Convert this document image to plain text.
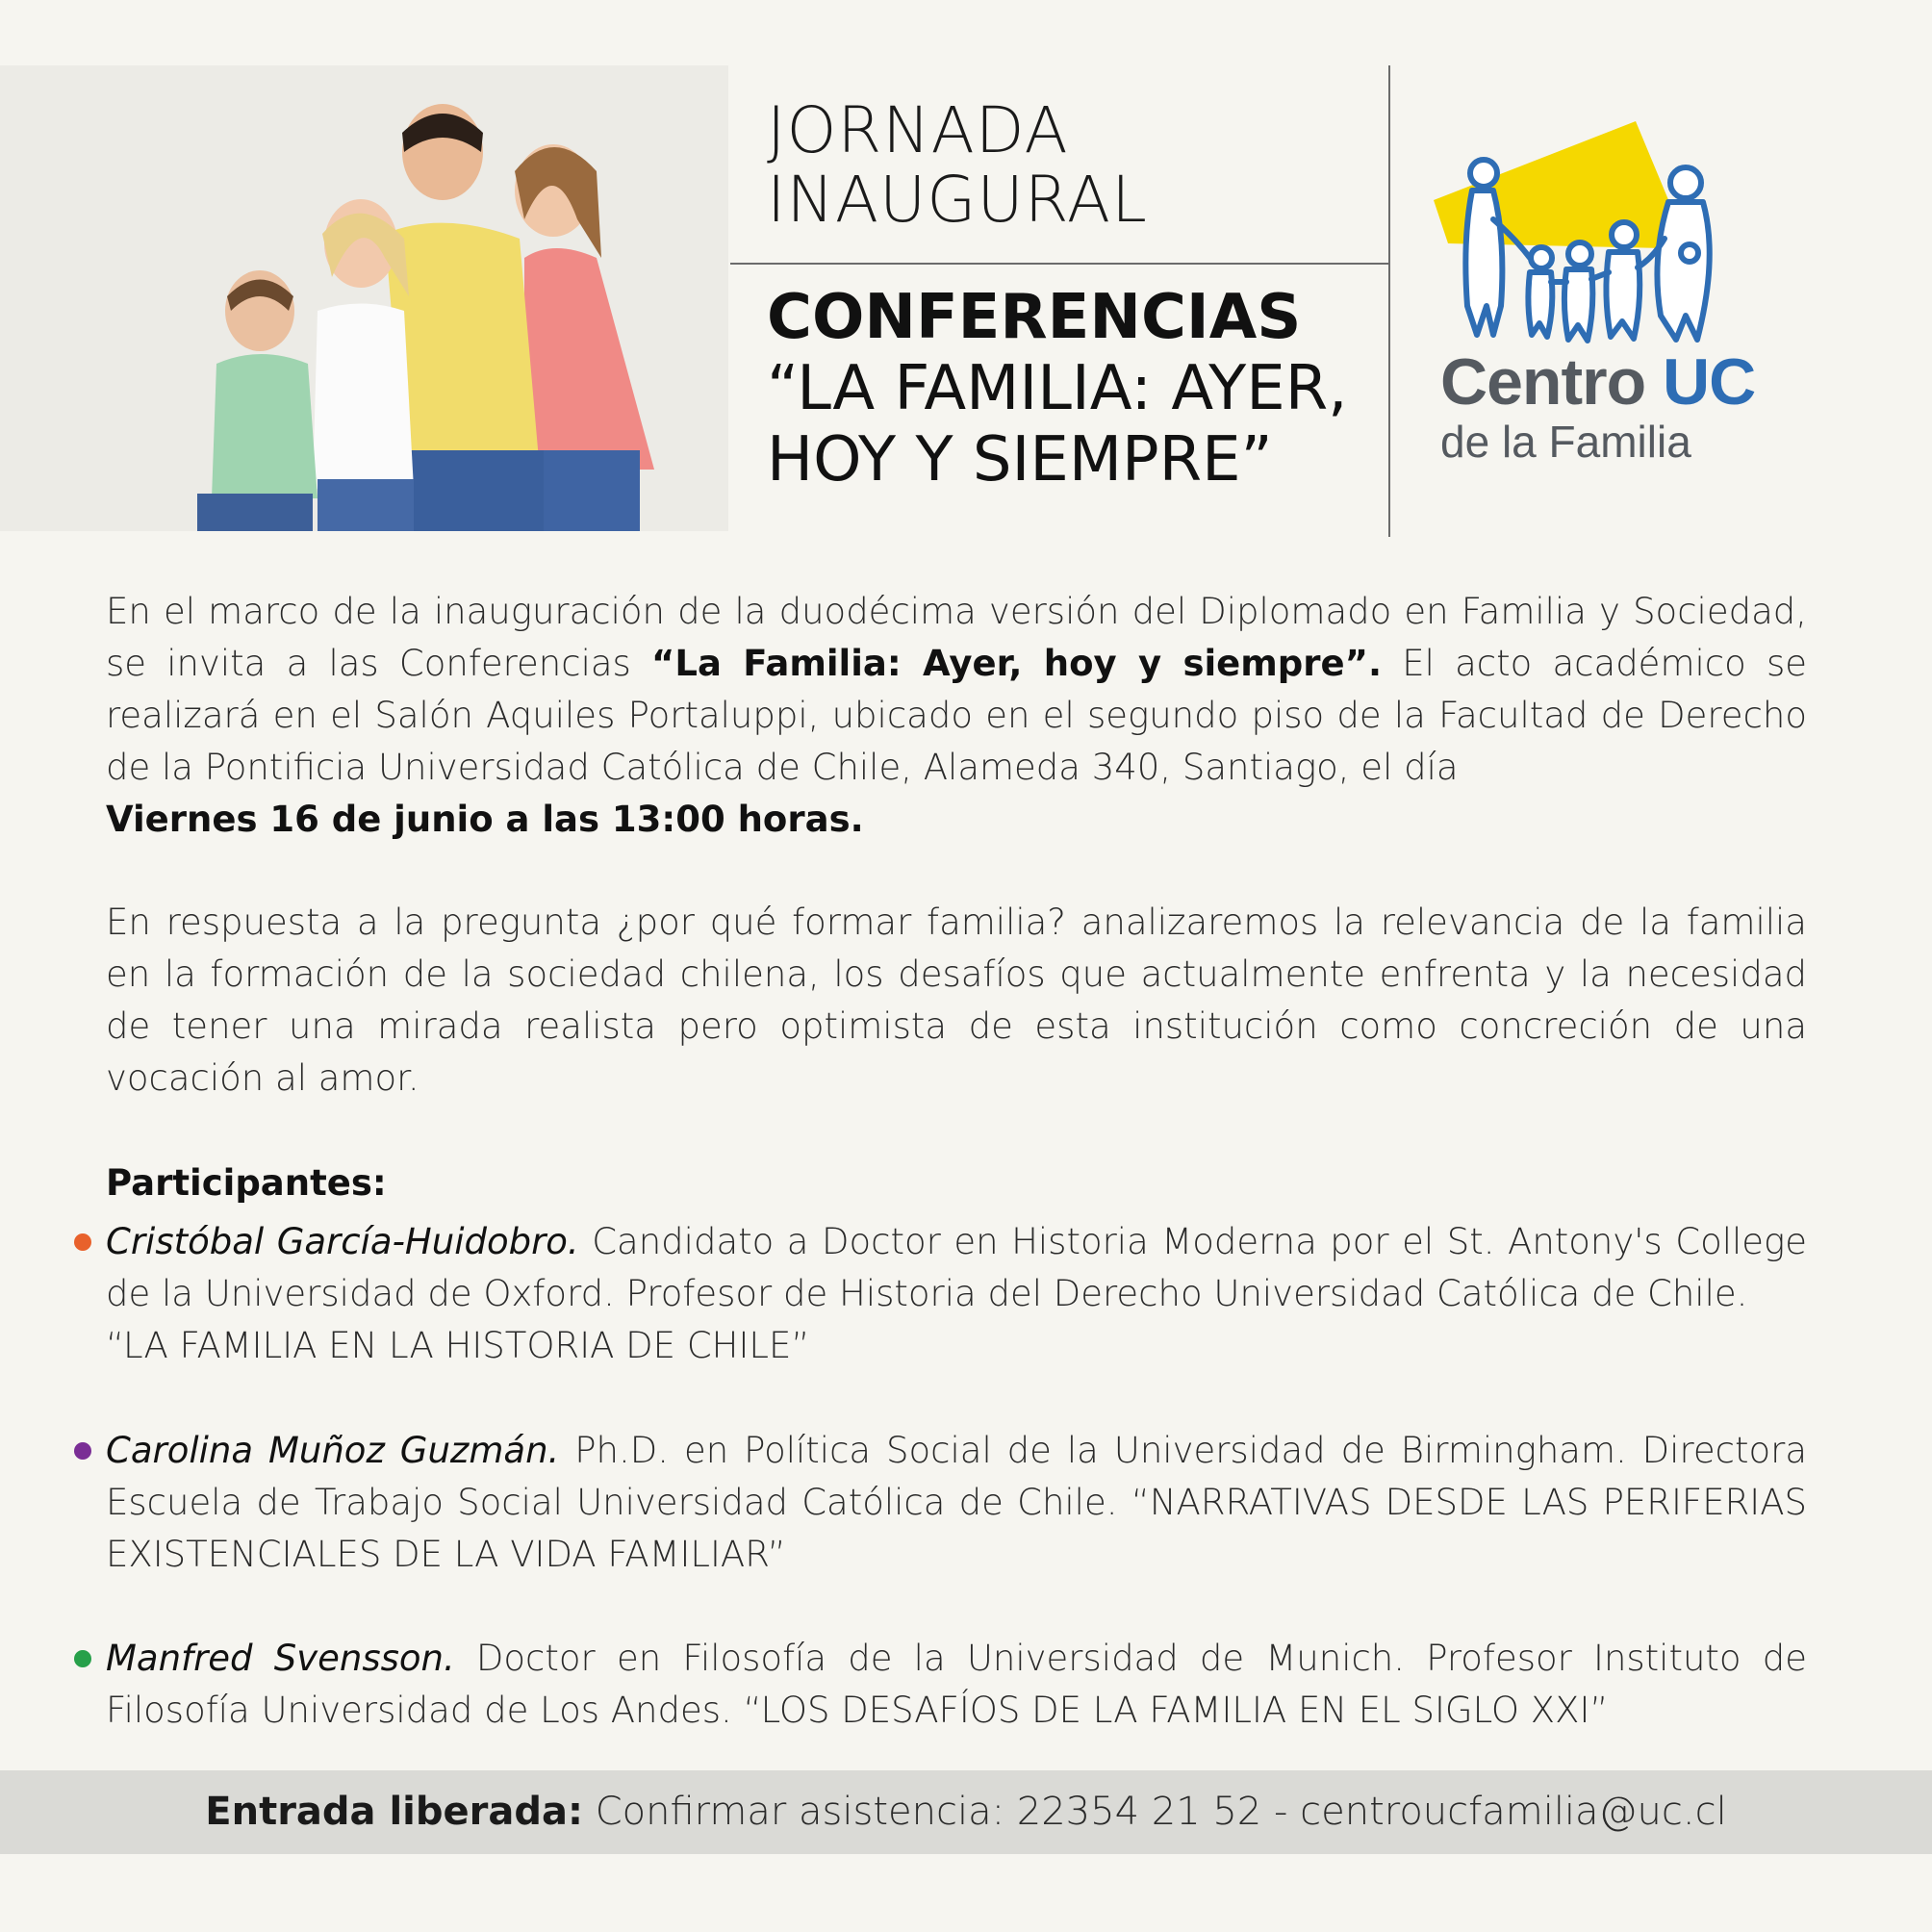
JORNADA
INAUGURAL
CONFERENCIAS
“LA FAMILIA: AYER,
HOY Y SIEMPRE”
Centro UC
de la Familia
En el marco de la inauguración de la duodécima versión del Diplomado en Familia y Sociedad, se invita a las Conferencias “La Familia: Ayer, hoy y siempre”. El acto académico se realizará en el Salón Aquiles Portaluppi, ubicado en el segundo piso de la Facultad de Derecho de la Pontificia Universidad Católica de Chile, Alameda 340, Santiago, el día
Viernes 16 de junio a las 13:00 horas.
En respuesta a la pregunta ¿por qué formar familia? analizaremos la relevancia de la familia en la formación de la sociedad chilena, los desafíos que actualmente enfrenta y la necesidad de tener una mirada realista pero optimista de esta institución como concreción de una vocación al amor.
Participantes:
Cristóbal García-Huidobro. Candidato a Doctor en Historia Moderna por el St. Antony's College de la Universidad de Oxford. Profesor de Historia del Derecho Universidad Católica de Chile.
“LA FAMILIA EN LA HISTORIA DE CHILE”
Carolina Muñoz Guzmán. Ph.D. en Política Social de la Universidad de Birmingham. Directora Escuela de Trabajo Social Universidad Católica de Chile. “NARRATIVAS DESDE LAS PERIFERIAS EXISTENCIALES DE LA VIDA FAMILIAR”
Manfred Svensson. Doctor en Filosofía de la Universidad de Munich. Profesor Instituto de Filosofía Universidad de Los Andes. “LOS DESAFÍOS DE LA FAMILIA EN EL SIGLO XXI”
Entrada liberada: Confirmar asistencia: 22354 21 52 - centroucfamilia@uc.cl
